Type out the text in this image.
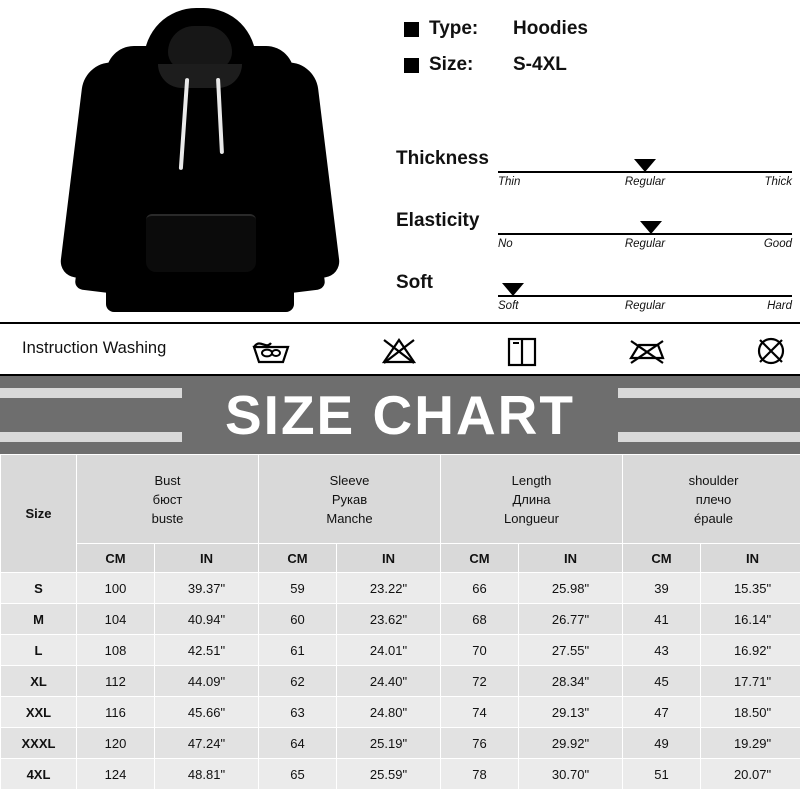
Type:	Hoodies
Size:	S-4XL
Thickness
Thin	Regular	Thick
Elasticity
No	Regular	Good
Soft
Soft	Regular	Hard
Instruction Washing
SIZE CHART
Size	
Bust
бюст
buste

Sleeve
Рукав
Manche

Length
Длина
Longueur

shoulder
плечо
épaule

	CM	IN	CM	IN	CM	IN	CM	IN
S	100	39.37"	59	23.22"	66	25.98"	39	15.35"
M	104	40.94"	60	23.62"	68	26.77"	41	16.14"
L	108	42.51"	61	24.01"	70	27.55"	43	16.92"
XL	112	44.09"	62	24.40"	72	28.34"	45	17.71"
XXL	116	45.66"	63	24.80"	74	29.13"	47	18.50"
XXXL	120	47.24"	64	25.19"	76	29.92"	49	19.29"
4XL	124	48.81"	65	25.59"	78	30.70"	51	20.07"
